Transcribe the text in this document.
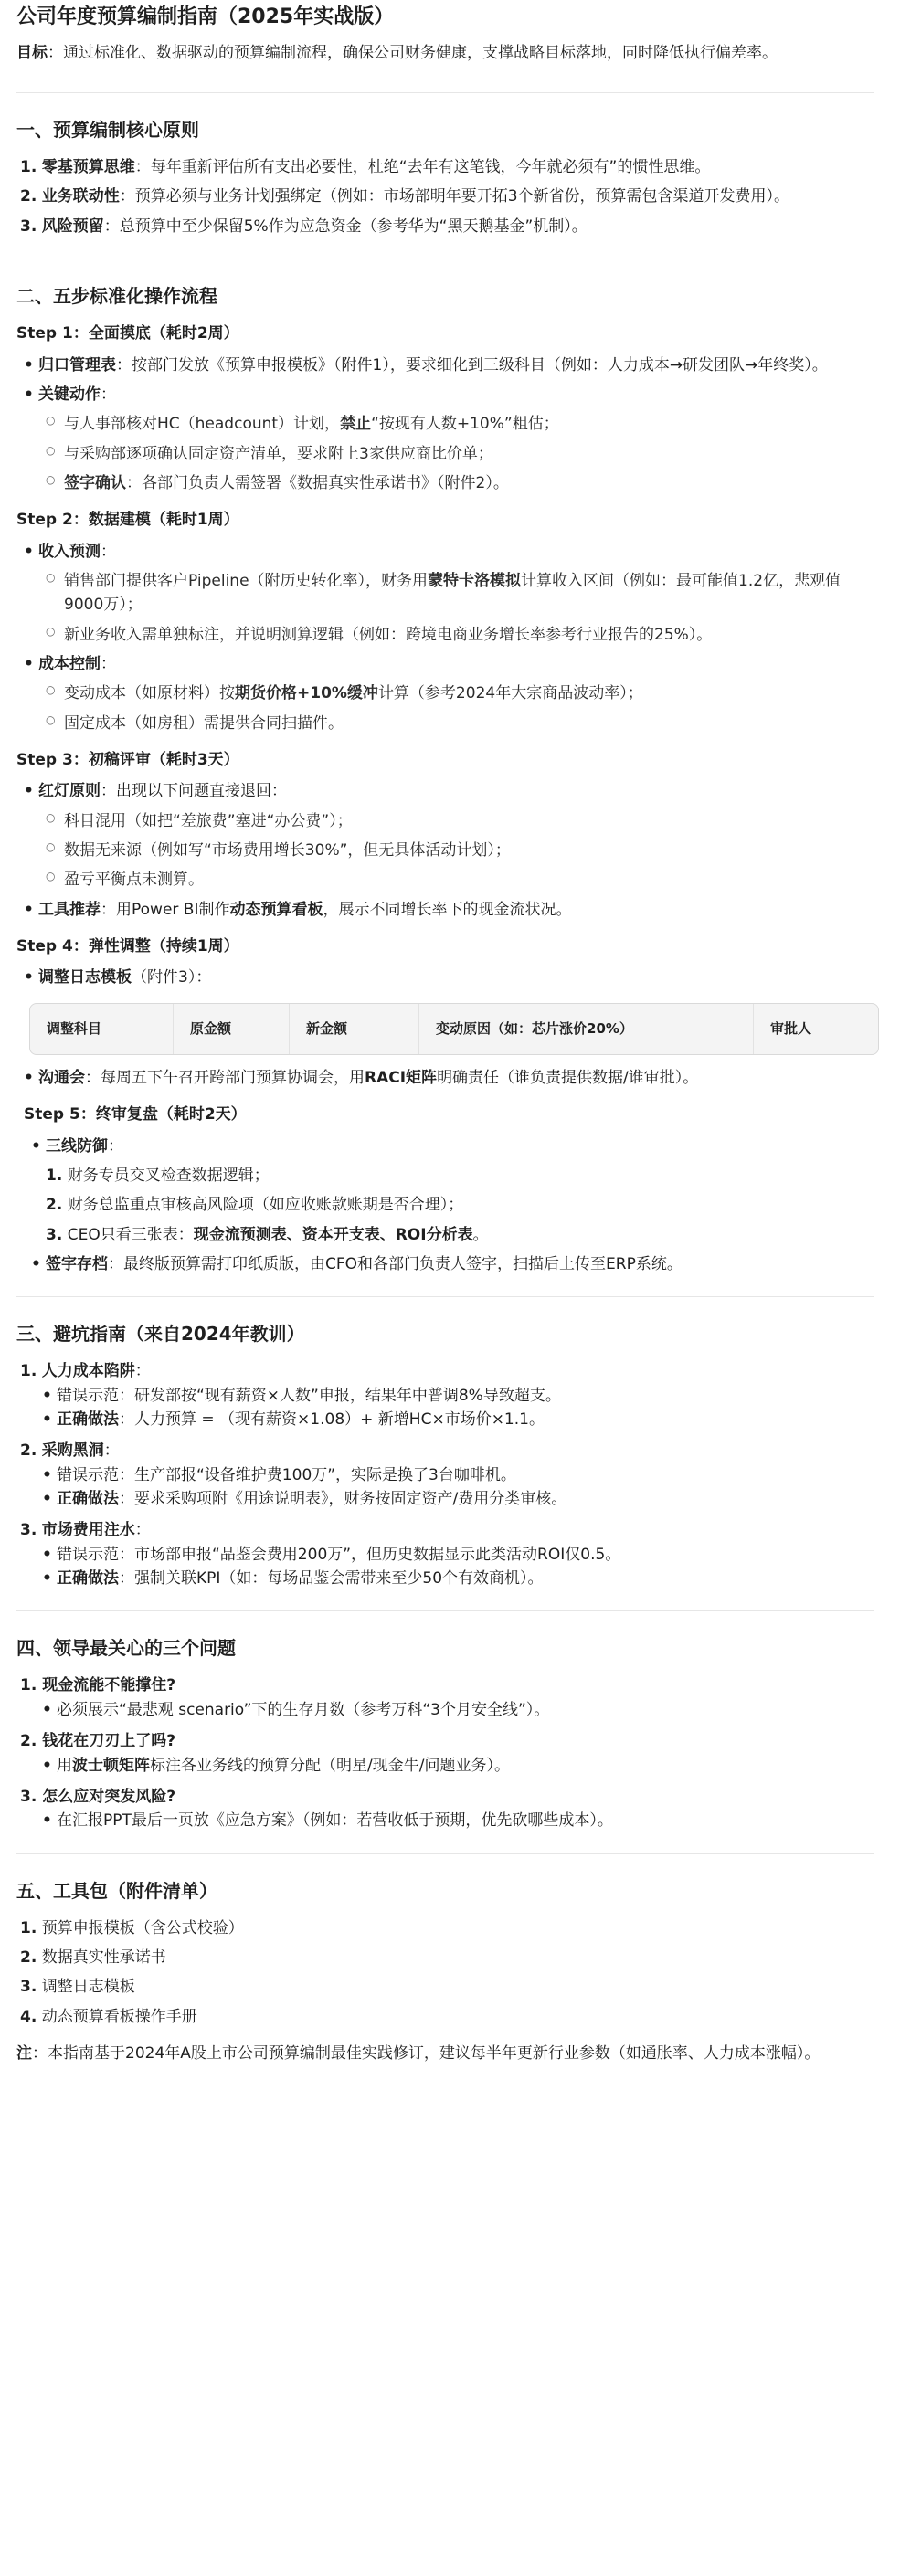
公司年度预算编制指南（2025年实战版）
目标：通过标准化、数据驱动的预算编制流程，确保公司财务健康，支撑战略目标落地，同时降低执行偏差率。
一、预算编制核心原则
1. 零基预算思维：每年重新评估所有支出必要性，杜绝“去年有这笔钱，今年就必须有”的惯性思维。
2. 业务联动性：预算必须与业务计划强绑定（例如：市场部明年要开拓3个新省份，预算需包含渠道开发费用）。
3. 风险预留：总预算中至少保留5%作为应急资金（参考华为“黑天鹅基金”机制）。
二、五步标准化操作流程
Step 1：全面摸底（耗时2周）
• 归口管理表：按部门发放《预算申报模板》（附件1），要求细化到三级科目（例如：人力成本→研发团队→年终奖）。
• 关键动作：
○ 与人事部核对HC（headcount）计划，禁止“按现有人数+10%”粗估；
○ 与采购部逐项确认固定资产清单，要求附上3家供应商比价单；
○ 签字确认：各部门负责人需签署《数据真实性承诺书》（附件2）。
Step 2：数据建模（耗时1周）
• 收入预测：
○ 销售部门提供客户Pipeline（附历史转化率），财务用蒙特卡洛模拟计算收入区间（例如：最可能值1.2亿，悲观值9000万）；
○ 新业务收入需单独标注，并说明测算逻辑（例如：跨境电商业务增长率参考行业报告的25%）。
• 成本控制：
○ 变动成本（如原材料）按期货价格+10%缓冲计算（参考2024年大宗商品波动率）；
○ 固定成本（如房租）需提供合同扫描件。
Step 3：初稿评审（耗时3天）
• 红灯原则：出现以下问题直接退回：
○ 科目混用（如把“差旅费”塞进“办公费”）；
○ 数据无来源（例如写“市场费用增长30%”，但无具体活动计划）；
○ 盈亏平衡点未测算。
• 工具推荐：用Power BI制作动态预算看板，展示不同增长率下的现金流状况。
Step 4：弹性调整（持续1周）
• 调整日志模板（附件3）：
调整科目	原金额	新金额	变动原因（如：芯片涨价20%）	审批人
• 沟通会：每周五下午召开跨部门预算协调会，用RACI矩阵明确责任（谁负责提供数据/谁审批）。
Step 5：终审复盘（耗时2天）
• 三线防御：
1. 财务专员交叉检查数据逻辑；
2. 财务总监重点审核高风险项（如应收账款账期是否合理）；
3. CEO只看三张表：现金流预测表、资本开支表、ROI分析表。
• 签字存档：最终版预算需打印纸质版，由CFO和各部门负责人签字，扫描后上传至ERP系统。
三、避坑指南（来自2024年教训）
1. 人力成本陷阱：
• 错误示范：研发部按“现有薪资×人数”申报，结果年中普调8%导致超支。
• 正确做法：人力预算 = （现有薪资×1.08）+ 新增HC×市场价×1.1。
2. 采购黑洞：
• 错误示范：生产部报“设备维护费100万”，实际是换了3台咖啡机。
• 正确做法：要求采购项附《用途说明表》，财务按固定资产/费用分类审核。
3. 市场费用注水：
• 错误示范：市场部申报“品鉴会费用200万”，但历史数据显示此类活动ROI仅0.5。
• 正确做法：强制关联KPI（如：每场品鉴会需带来至少50个有效商机）。
四、领导最关心的三个问题
1. 现金流能不能撑住?
• 必须展示“最悲观 scenario”下的生存月数（参考万科“3个月安全线”）。
2. 钱花在刀刃上了吗?
• 用波士顿矩阵标注各业务线的预算分配（明星/现金牛/问题业务）。
3. 怎么应对突发风险?
• 在汇报PPT最后一页放《应急方案》（例如：若营收低于预期，优先砍哪些成本）。
五、工具包（附件清单）
1. 预算申报模板（含公式校验）
2. 数据真实性承诺书
3. 调整日志模板
4. 动态预算看板操作手册
注：本指南基于2024年A股上市公司预算编制最佳实践修订，建议每半年更新行业参数（如通胀率、人力成本涨幅）。
